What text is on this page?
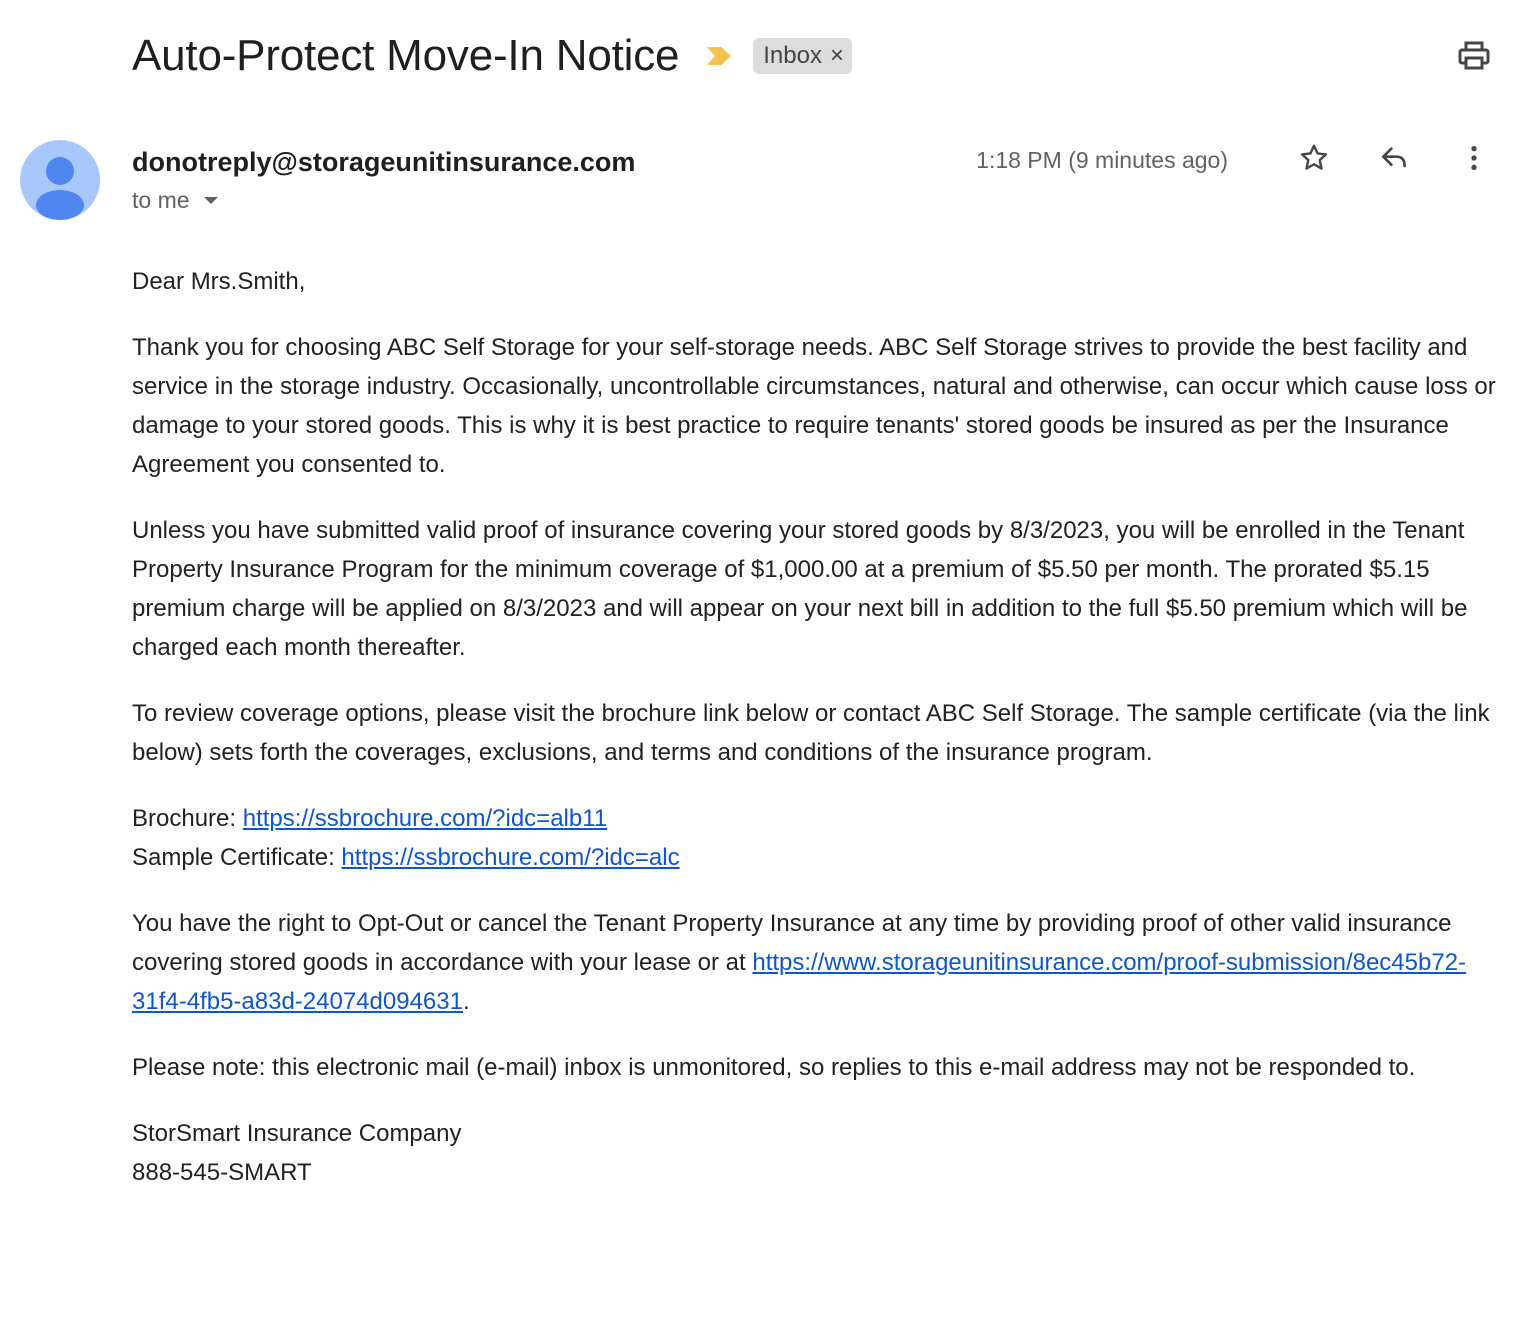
Auto-Protect Move-In Notice	Inbox ×
donotreply@storageunitinsurance.com
to me
1:18 PM (9 minutes ago)

Dear Mrs.Smith,

Thank you for choosing ABC Self Storage for your self-storage needs. ABC Self Storage strives to provide the best facility and service in the storage industry. Occasionally, uncontrollable circumstances, natural and otherwise, can occur which cause loss or damage to your stored goods. This is why it is best practice to require tenants' stored goods be insured as per the Insurance Agreement you consented to.

Unless you have submitted valid proof of insurance covering your stored goods by 8/3/2023, you will be enrolled in the Tenant Property Insurance Program for the minimum coverage of $1,000.00 at a premium of $5.50 per month. The prorated $5.15 premium charge will be applied on 8/3/2023 and will appear on your next bill in addition to the full $5.50 premium which will be charged each month thereafter.

To review coverage options, please visit the brochure link below or contact ABC Self Storage. The sample certificate (via the link below) sets forth the coverages, exclusions, and terms and conditions of the insurance program.

Brochure: https://ssbrochure.com/?idc=alb11
Sample Certificate: https://ssbrochure.com/?idc=alc

You have the right to Opt-Out or cancel the Tenant Property Insurance at any time by providing proof of other valid insurance covering stored goods in accordance with your lease or at https://www.storageunitinsurance.com/proof-submission/8ec45b72-31f4-4fb5-a83d-24074d094631.

Please note: this electronic mail (e-mail) inbox is unmonitored, so replies to this e-mail address may not be responded to.

StorSmart Insurance Company
888-545-SMART
